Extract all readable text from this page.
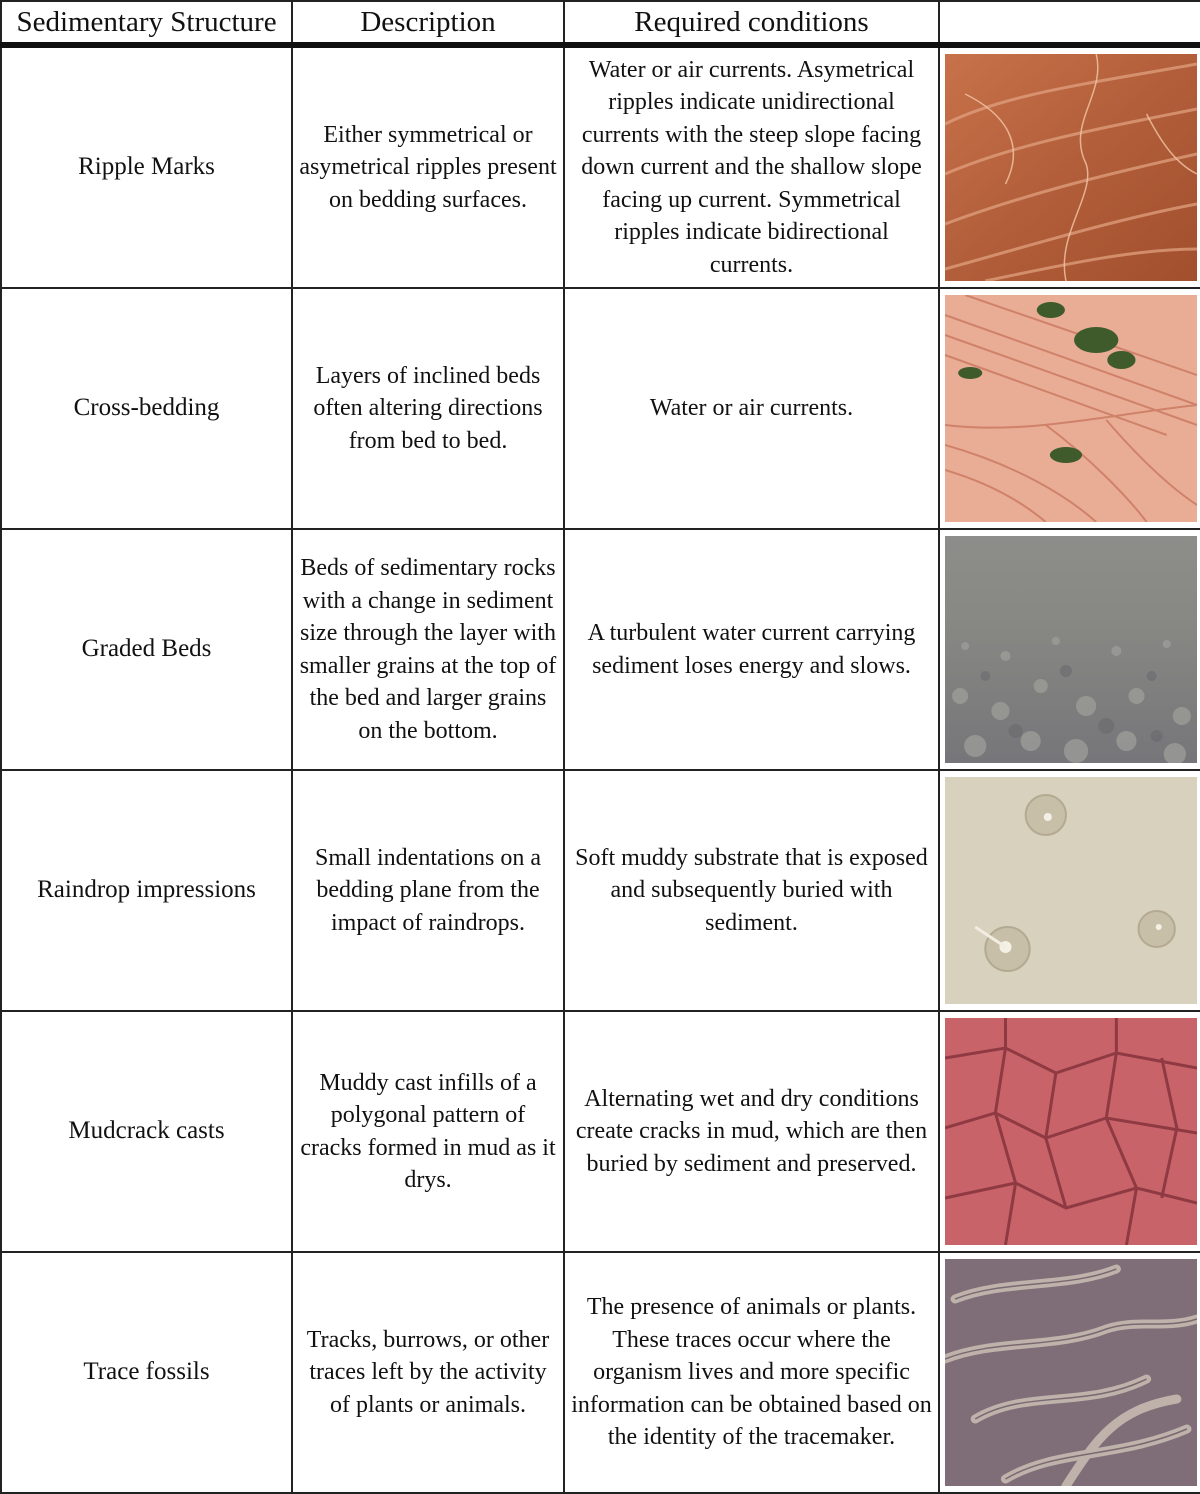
Sedimentary Structure	Description	Required conditions	
Ripple Marks	Either symmetrical or asymetrical ripples present on bedding surfaces.	Water or air currents. Asymetrical ripples indicate unidirectional currents with the steep slope facing down current and the shallow slope facing up current. Symmetrical ripples indicate bidirectional currents.	

Cross-bedding	Layers of inclined beds often altering directions from bed to bed.	Water or air currents.	

Graded Beds	Beds of sedimentary rocks with a change in sediment size through the layer with smaller grains at the top of the bed and larger grains on the bottom.	A turbulent water current carrying sediment loses energy and slows.	

Raindrop impressions	Small indentations on a bedding plane from the impact of raindrops.	Soft muddy substrate that is exposed and subsequently buried with sediment.	

Mudcrack casts	Muddy cast infills of a polygonal pattern of cracks formed in mud as it drys.	Alternating wet and dry conditions create cracks in mud, which are then buried by sediment and preserved.	

Trace fossils	Tracks, burrows, or other traces left by the activity of plants or animals.	The presence of animals or plants. These traces occur where the organism lives and more specific information can be obtained based on the identity of the tracemaker.	
